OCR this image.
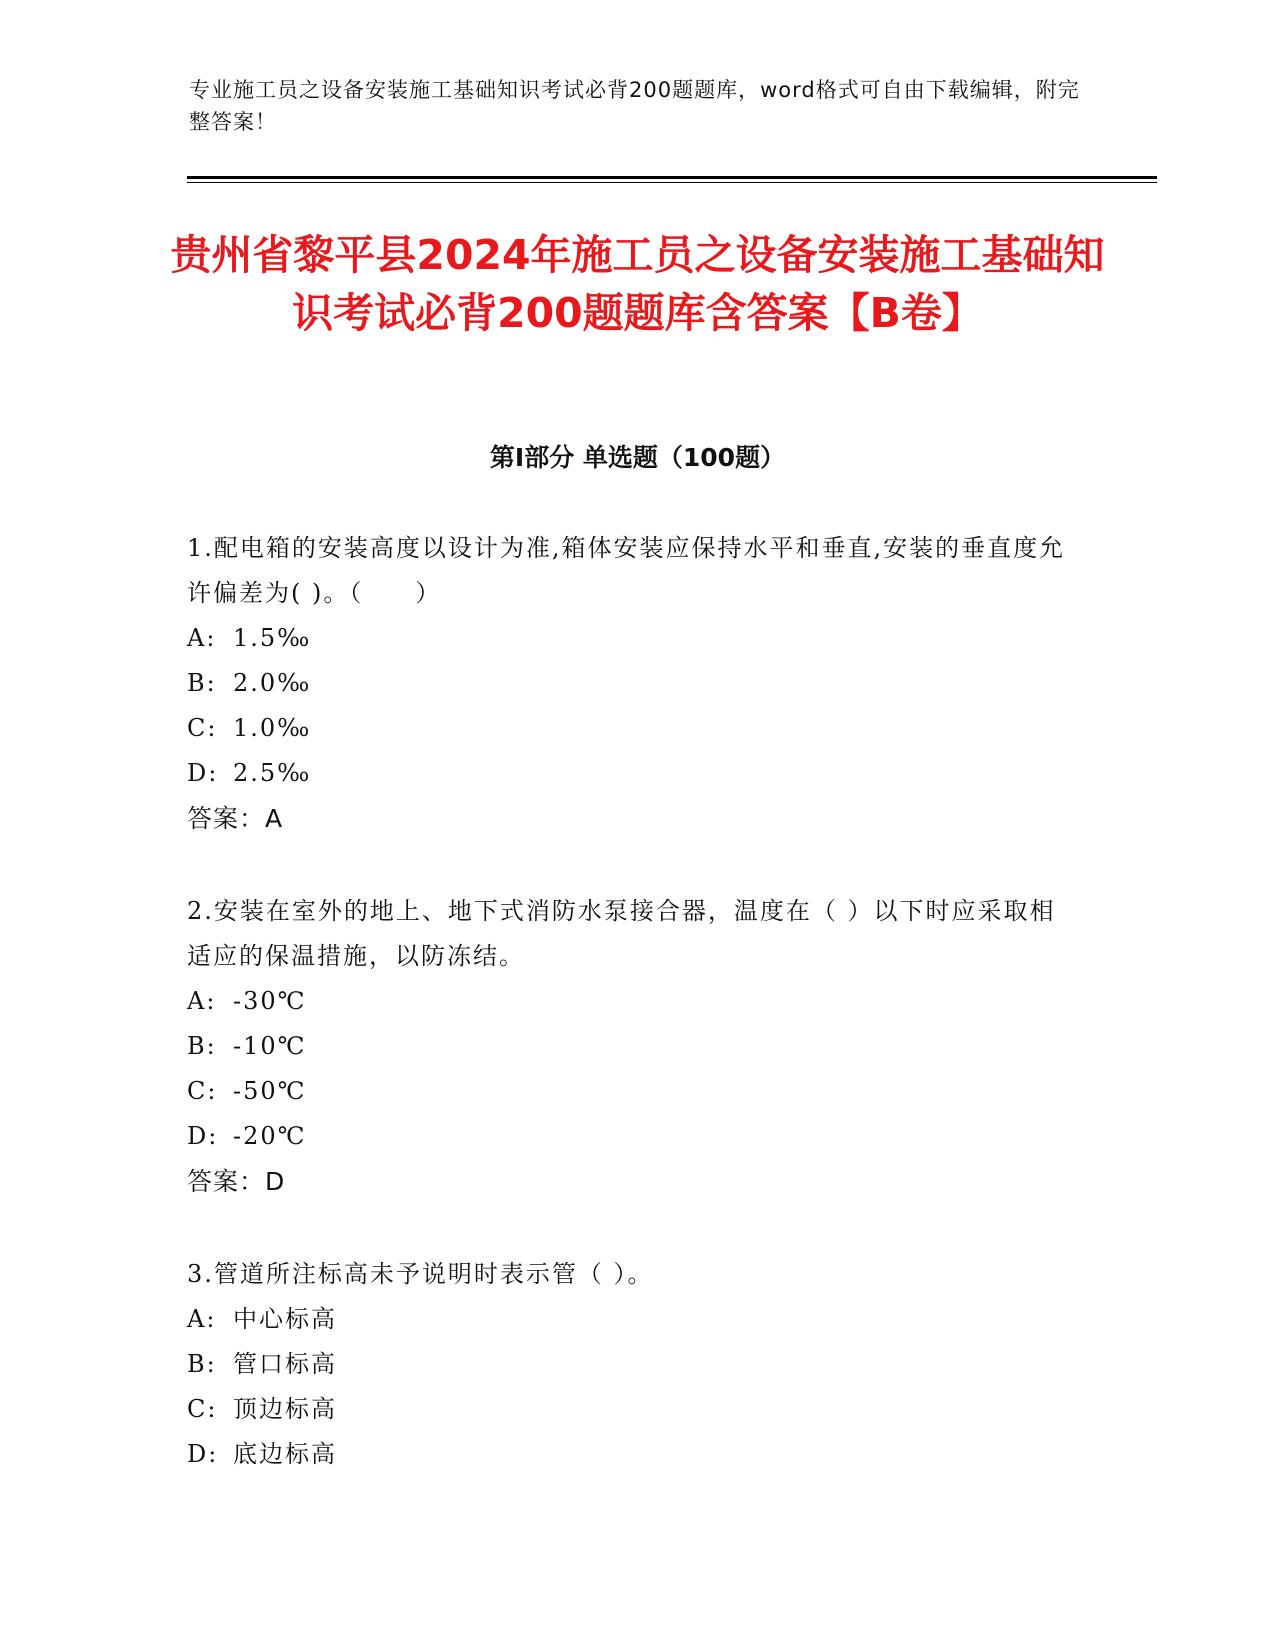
专业施工员之设备安装施工基础知识考试必背200题题库，word格式可自由下载编辑，附完整答案！
贵州省黎平县2024年施工员之设备安装施工基础知识考试必背200题题库含答案【B卷】
第I部分 单选题（100题）
1.配电箱的安装高度以设计为准,箱体安装应保持水平和垂直,安装的垂直度允许偏差为( )。（　　）
A: 1.5‰
B: 2.0‰
C: 1.0‰
D: 2.5‰
答案：A
2.安装在室外的地上、地下式消防水泵接合器，温度在（ ）以下时应采取相适应的保温措施，以防冻结。
A: -30℃
B: -10℃
C: -50℃
D: -20℃
答案：D
3.管道所注标高未予说明时表示管（ ）。
A: 中心标高
B: 管口标高
C: 顶边标高
D: 底边标高
